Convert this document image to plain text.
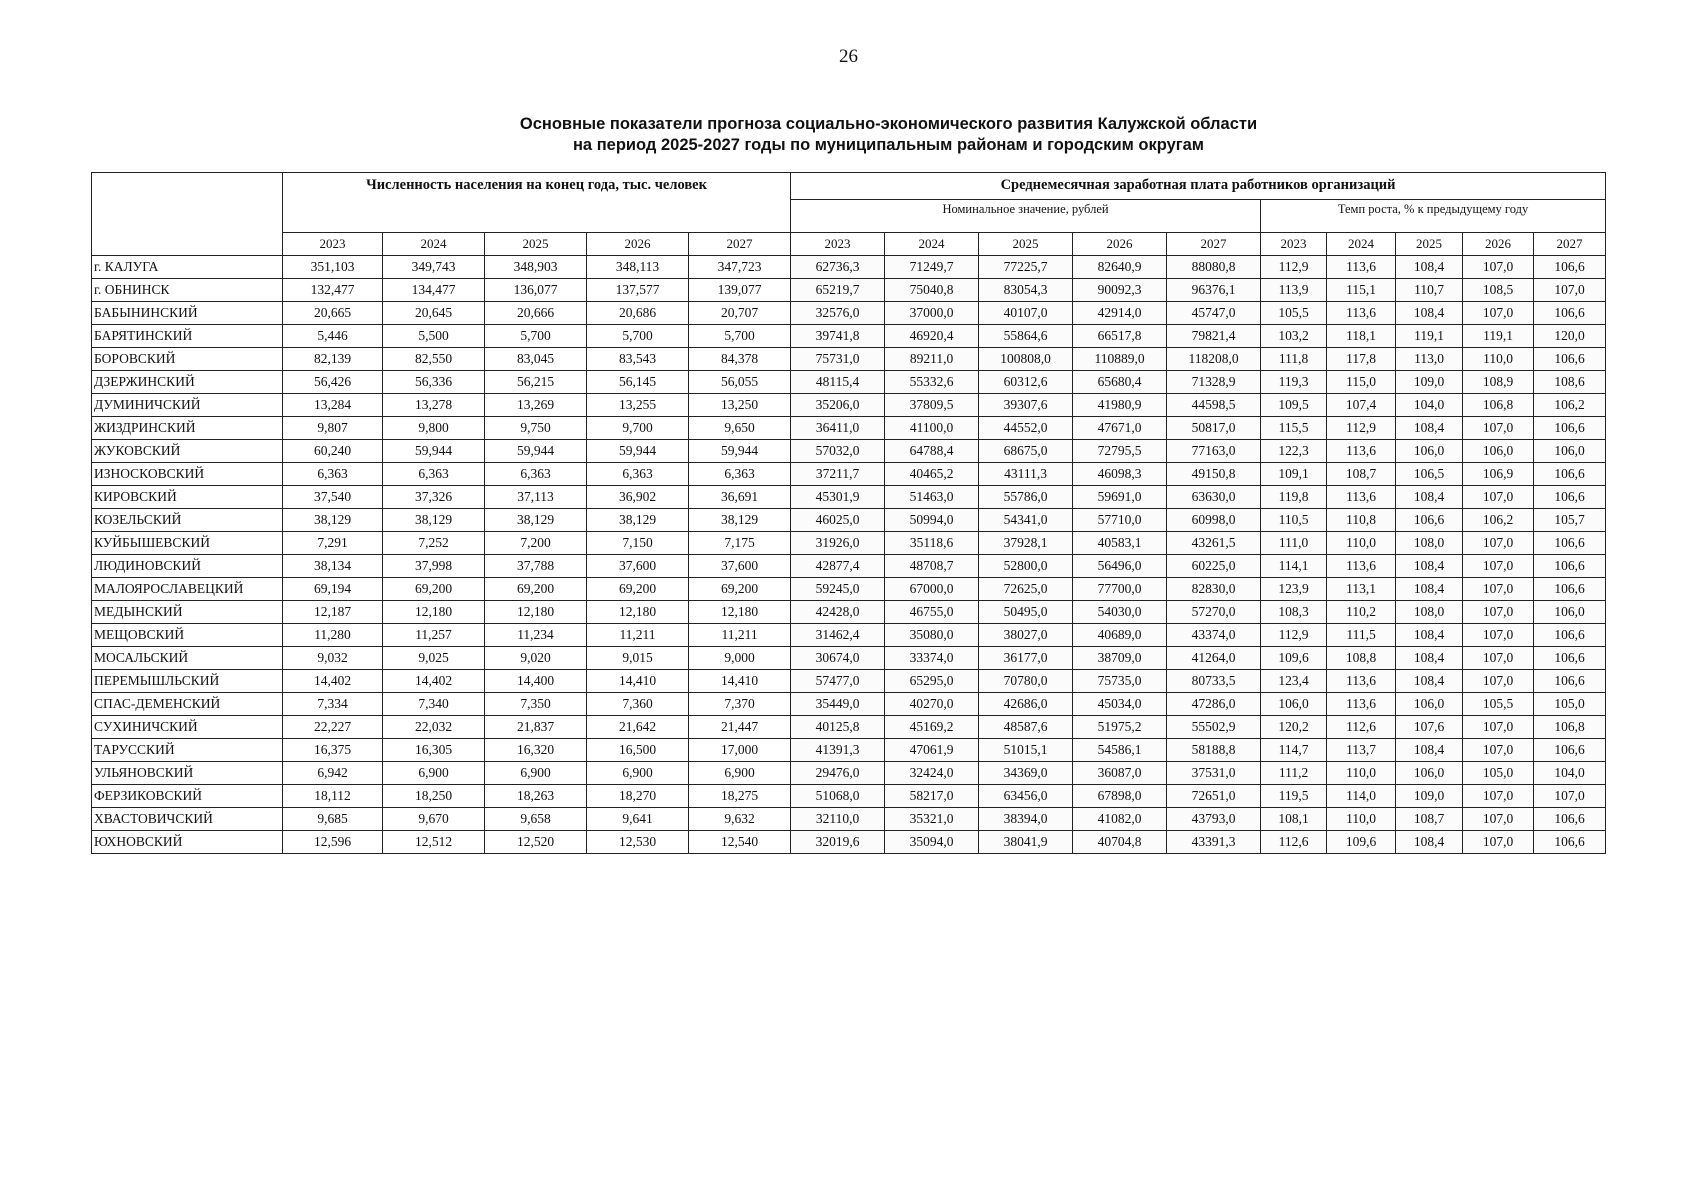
26
Основные показатели прогноза социально-экономического развития Калужской области
на период 2025-2027 годы по муниципальным районам и городским округам
	Численность населения на конец года, тыс. человек					Среднемесячная заработная плата работников организаций									
						Номинальное значение, рублей					Темп роста, % к предыдущему году				
	2023	2024	2025	2026	2027	2023	2024	2025	2026	2027	2023	2024	2025	2026	2027
г. КАЛУГА	351,103	349,743	348,903	348,113	347,723	62736,3	71249,7	77225,7	82640,9	88080,8	112,9	113,6	108,4	107,0	106,6
г. ОБНИНСК	132,477	134,477	136,077	137,577	139,077	65219,7	75040,8	83054,3	90092,3	96376,1	113,9	115,1	110,7	108,5	107,0
БАБЫНИНСКИЙ	20,665	20,645	20,666	20,686	20,707	32576,0	37000,0	40107,0	42914,0	45747,0	105,5	113,6	108,4	107,0	106,6
БАРЯТИНСКИЙ	5,446	5,500	5,700	5,700	5,700	39741,8	46920,4	55864,6	66517,8	79821,4	103,2	118,1	119,1	119,1	120,0
БОРОВСКИЙ	82,139	82,550	83,045	83,543	84,378	75731,0	89211,0	100808,0	110889,0	118208,0	111,8	117,8	113,0	110,0	106,6
ДЗЕРЖИНСКИЙ	56,426	56,336	56,215	56,145	56,055	48115,4	55332,6	60312,6	65680,4	71328,9	119,3	115,0	109,0	108,9	108,6
ДУМИНИЧСКИЙ	13,284	13,278	13,269	13,255	13,250	35206,0	37809,5	39307,6	41980,9	44598,5	109,5	107,4	104,0	106,8	106,2
ЖИЗДРИНСКИЙ	9,807	9,800	9,750	9,700	9,650	36411,0	41100,0	44552,0	47671,0	50817,0	115,5	112,9	108,4	107,0	106,6
ЖУКОВСКИЙ	60,240	59,944	59,944	59,944	59,944	57032,0	64788,4	68675,0	72795,5	77163,0	122,3	113,6	106,0	106,0	106,0
ИЗНОСКОВСКИЙ	6,363	6,363	6,363	6,363	6,363	37211,7	40465,2	43111,3	46098,3	49150,8	109,1	108,7	106,5	106,9	106,6
КИРОВСКИЙ	37,540	37,326	37,113	36,902	36,691	45301,9	51463,0	55786,0	59691,0	63630,0	119,8	113,6	108,4	107,0	106,6
КОЗЕЛЬСКИЙ	38,129	38,129	38,129	38,129	38,129	46025,0	50994,0	54341,0	57710,0	60998,0	110,5	110,8	106,6	106,2	105,7
КУЙБЫШЕВСКИЙ	7,291	7,252	7,200	7,150	7,175	31926,0	35118,6	37928,1	40583,1	43261,5	111,0	110,0	108,0	107,0	106,6
ЛЮДИНОВСКИЙ	38,134	37,998	37,788	37,600	37,600	42877,4	48708,7	52800,0	56496,0	60225,0	114,1	113,6	108,4	107,0	106,6
МАЛОЯРОСЛАВЕЦКИЙ	69,194	69,200	69,200	69,200	69,200	59245,0	67000,0	72625,0	77700,0	82830,0	123,9	113,1	108,4	107,0	106,6
МЕДЫНСКИЙ	12,187	12,180	12,180	12,180	12,180	42428,0	46755,0	50495,0	54030,0	57270,0	108,3	110,2	108,0	107,0	106,0
МЕЩОВСКИЙ	11,280	11,257	11,234	11,211	11,211	31462,4	35080,0	38027,0	40689,0	43374,0	112,9	111,5	108,4	107,0	106,6
МОСАЛЬСКИЙ	9,032	9,025	9,020	9,015	9,000	30674,0	33374,0	36177,0	38709,0	41264,0	109,6	108,8	108,4	107,0	106,6
ПЕРЕМЫШЛЬСКИЙ	14,402	14,402	14,400	14,410	14,410	57477,0	65295,0	70780,0	75735,0	80733,5	123,4	113,6	108,4	107,0	106,6
СПАС-ДЕМЕНСКИЙ	7,334	7,340	7,350	7,360	7,370	35449,0	40270,0	42686,0	45034,0	47286,0	106,0	113,6	106,0	105,5	105,0
СУХИНИЧСКИЙ	22,227	22,032	21,837	21,642	21,447	40125,8	45169,2	48587,6	51975,2	55502,9	120,2	112,6	107,6	107,0	106,8
ТАРУССКИЙ	16,375	16,305	16,320	16,500	17,000	41391,3	47061,9	51015,1	54586,1	58188,8	114,7	113,7	108,4	107,0	106,6
УЛЬЯНОВСКИЙ	6,942	6,900	6,900	6,900	6,900	29476,0	32424,0	34369,0	36087,0	37531,0	111,2	110,0	106,0	105,0	104,0
ФЕРЗИКОВСКИЙ	18,112	18,250	18,263	18,270	18,275	51068,0	58217,0	63456,0	67898,0	72651,0	119,5	114,0	109,0	107,0	107,0
ХВАСТОВИЧСКИЙ	9,685	9,670	9,658	9,641	9,632	32110,0	35321,0	38394,0	41082,0	43793,0	108,1	110,0	108,7	107,0	106,6
ЮХНОВСКИЙ	12,596	12,512	12,520	12,530	12,540	32019,6	35094,0	38041,9	40704,8	43391,3	112,6	109,6	108,4	107,0	106,6
